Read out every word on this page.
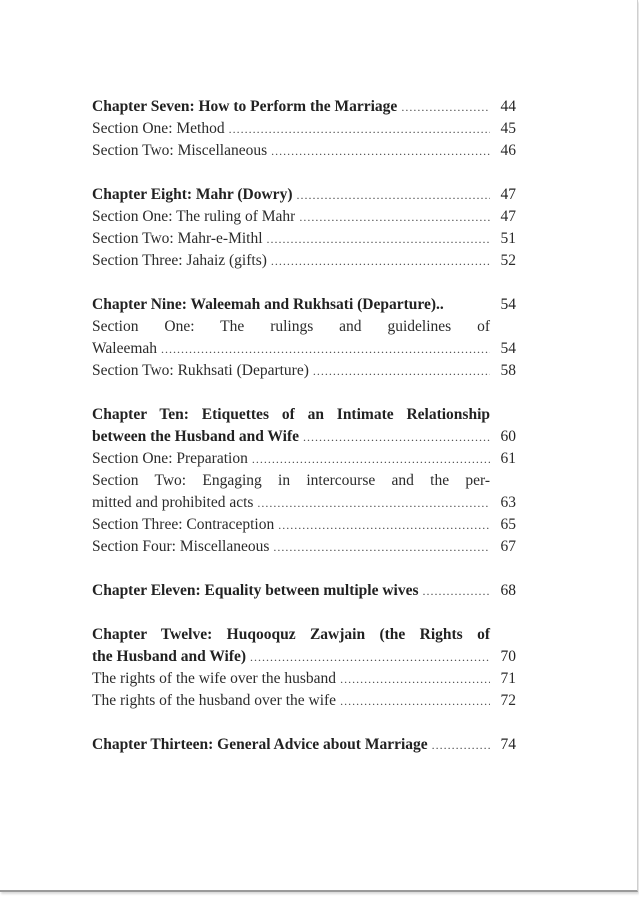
Chapter Seven: How to Perform the Marriage .....	44
Section One: Method .....	45
Section Two: Miscellaneous .....	46
Chapter Eight: Mahr (Dowry) .....	47
Section One: The ruling of Mahr .....	47
Section Two: Mahr-e-Mithl .....	51
Section Three: Jahaiz (gifts) .....	52
Chapter Nine: Waleemah and Rukhsati (Departure)..	54
Section One: The rulings and guidelines of
Waleemah .....	54
Section Two: Rukhsati (Departure) .....	58
Chapter Ten: Etiquettes of an Intimate Relationship
between the Husband and Wife .....	60
Section One: Preparation .....	61
Section Two: Engaging in intercourse and the per-
mitted and prohibited acts .....	63
Section Three: Contraception .....	65
Section Four: Miscellaneous .....	67
Chapter Eleven: Equality between multiple wives .....	68
Chapter Twelve: Huqooquz Zawjain (the Rights of
the Husband and Wife) .....	70
The rights of the wife over the husband .....	71
The rights of the husband over the wife .....	72
Chapter Thirteen: General Advice about Marriage .....	74
